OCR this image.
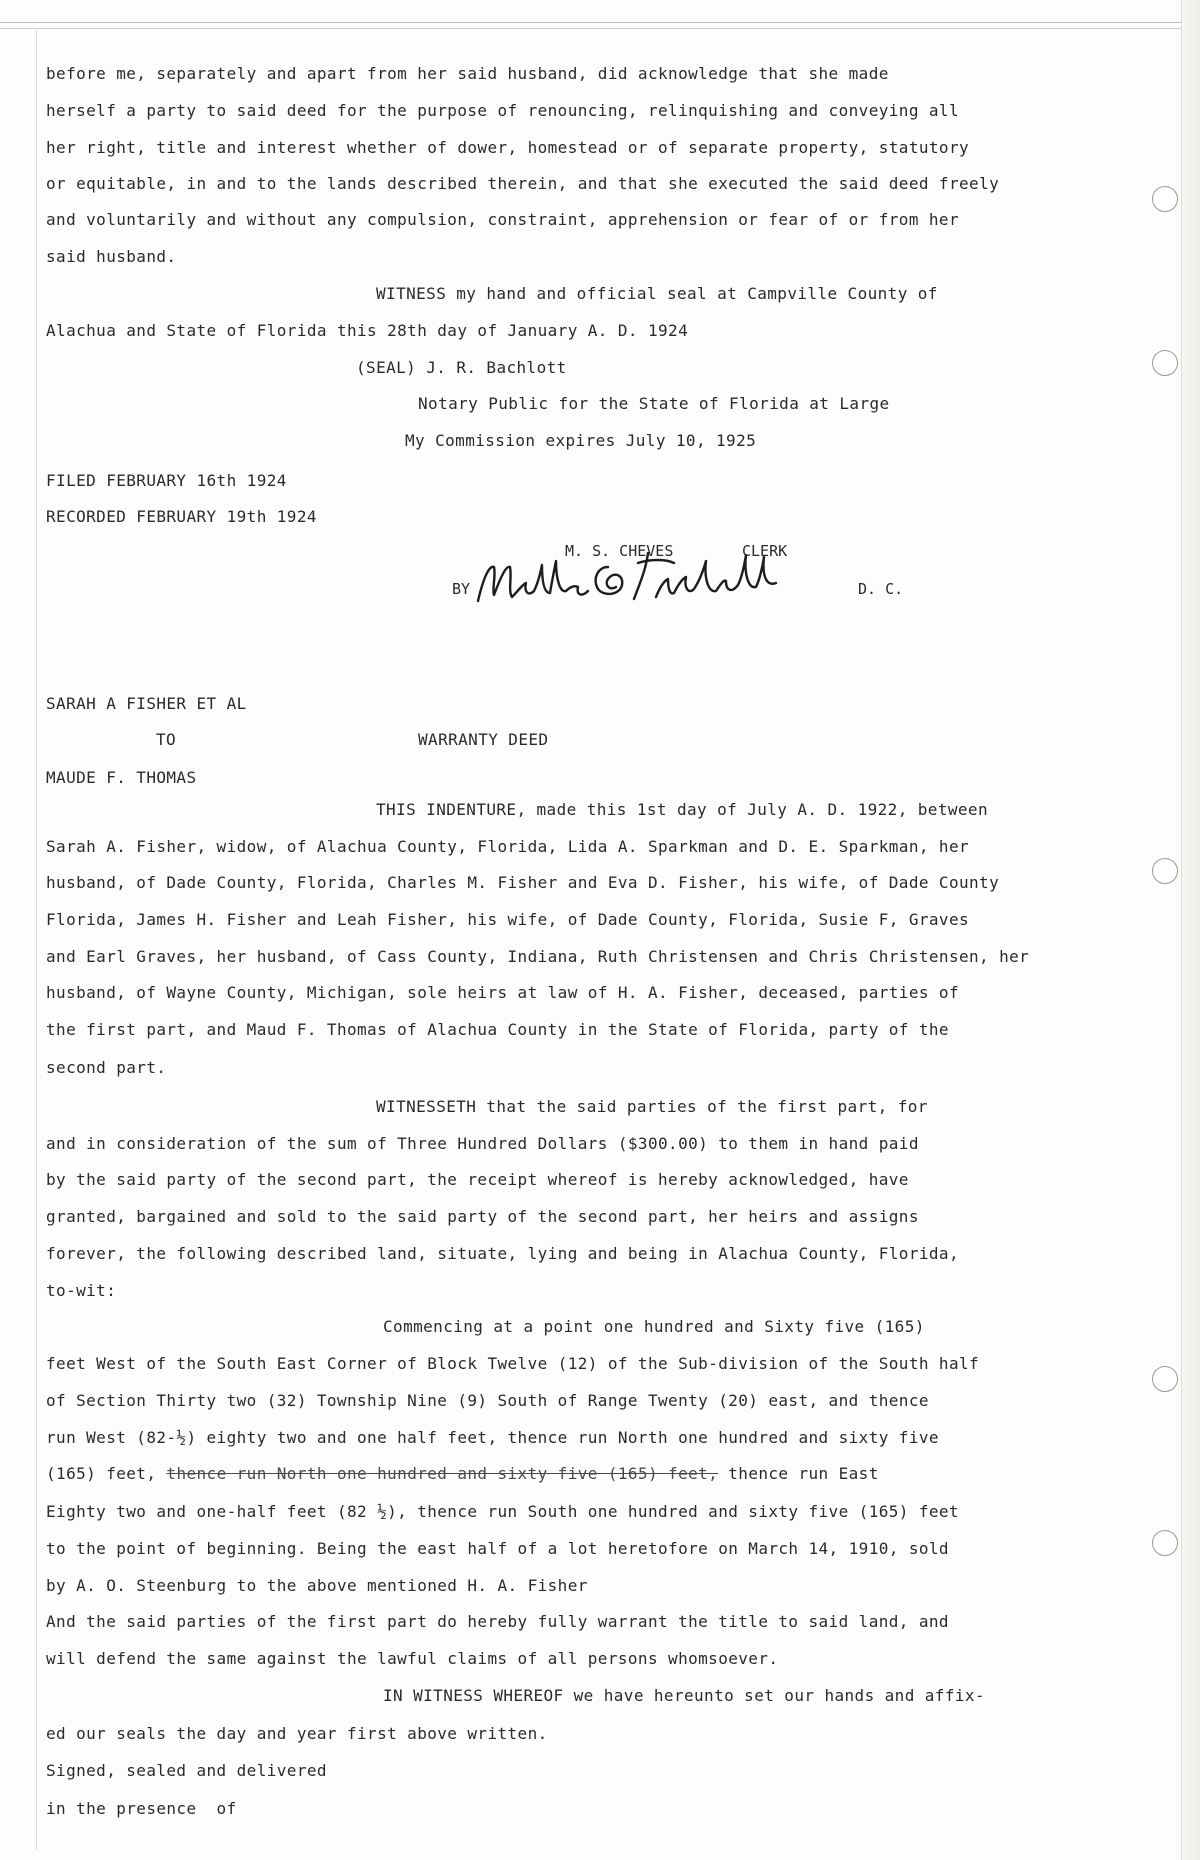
before me, separately and apart from her said husband, did acknowledge that she made
herself a party to said deed for the purpose of renouncing, relinquishing and conveying all
her right, title and interest whether of dower, homestead or of separate property, statutory
or equitable, in and to the lands described therein, and that she executed the said deed freely
and voluntarily and without any compulsion, constraint, apprehension or fear of or from her
said husband.
WITNESS my hand and official seal at Campville County of
Alachua and State of Florida this 28th day of January A. D. 1924
(SEAL) J. R. Bachlott
Notary Public for the State of Florida at Large
My Commission expires July 10, 1925
FILED FEBRUARY 16th 1924
RECORDED FEBRUARY 19th 1924
M. S. CHEVES	CLERK
BY	D. C.
SARAH A FISHER ET AL
TO	WARRANTY DEED
MAUDE F. THOMAS
THIS INDENTURE, made this 1st day of July A. D. 1922, between
Sarah A. Fisher, widow, of Alachua County, Florida, Lida A. Sparkman and D. E. Sparkman, her
husband, of Dade County, Florida, Charles M. Fisher and Eva D. Fisher, his wife, of Dade County
Florida, James H. Fisher and Leah Fisher, his wife, of Dade County, Florida, Susie F, Graves
and Earl Graves, her husband, of Cass County, Indiana, Ruth Christensen and Chris Christensen, her
husband, of Wayne County, Michigan, sole heirs at law of H. A. Fisher, deceased, parties of
the first part, and Maud F. Thomas of Alachua County in the State of Florida, party of the
second part.
WITNESSETH that the said parties of the first part, for
and in consideration of the sum of Three Hundred Dollars ($300.00) to them in hand paid
by the said party of the second part, the receipt whereof is hereby acknowledged, have
granted, bargained and sold to the said party of the second part, her heirs and assigns
forever, the following described land, situate, lying and being in Alachua County, Florida,
to-wit:
Commencing at a point one hundred and Sixty five (165)
feet West of the South East Corner of Block Twelve (12) of the Sub-division of the South half
of Section Thirty two (32) Township Nine (9) South of Range Twenty (20) east, and thence
run West (82-½) eighty two and one half feet, thence run North one hundred and sixty five
(165) feet, thence run North one hundred and sixty five (165) feet, thence run East
Eighty two and one-half feet (82 ½), thence run South one hundred and sixty five (165) feet
to the point of beginning. Being the east half of a lot heretofore on March 14, 1910, sold
by A. O. Steenburg to the above mentioned H. A. Fisher
And the said parties of the first part do hereby fully warrant the title to said land, and
will defend the same against the lawful claims of all persons whomsoever.
IN WITNESS WHEREOF we have hereunto set our hands and affix-
ed our seals the day and year first above written.
Signed, sealed and delivered
in the presence  of
